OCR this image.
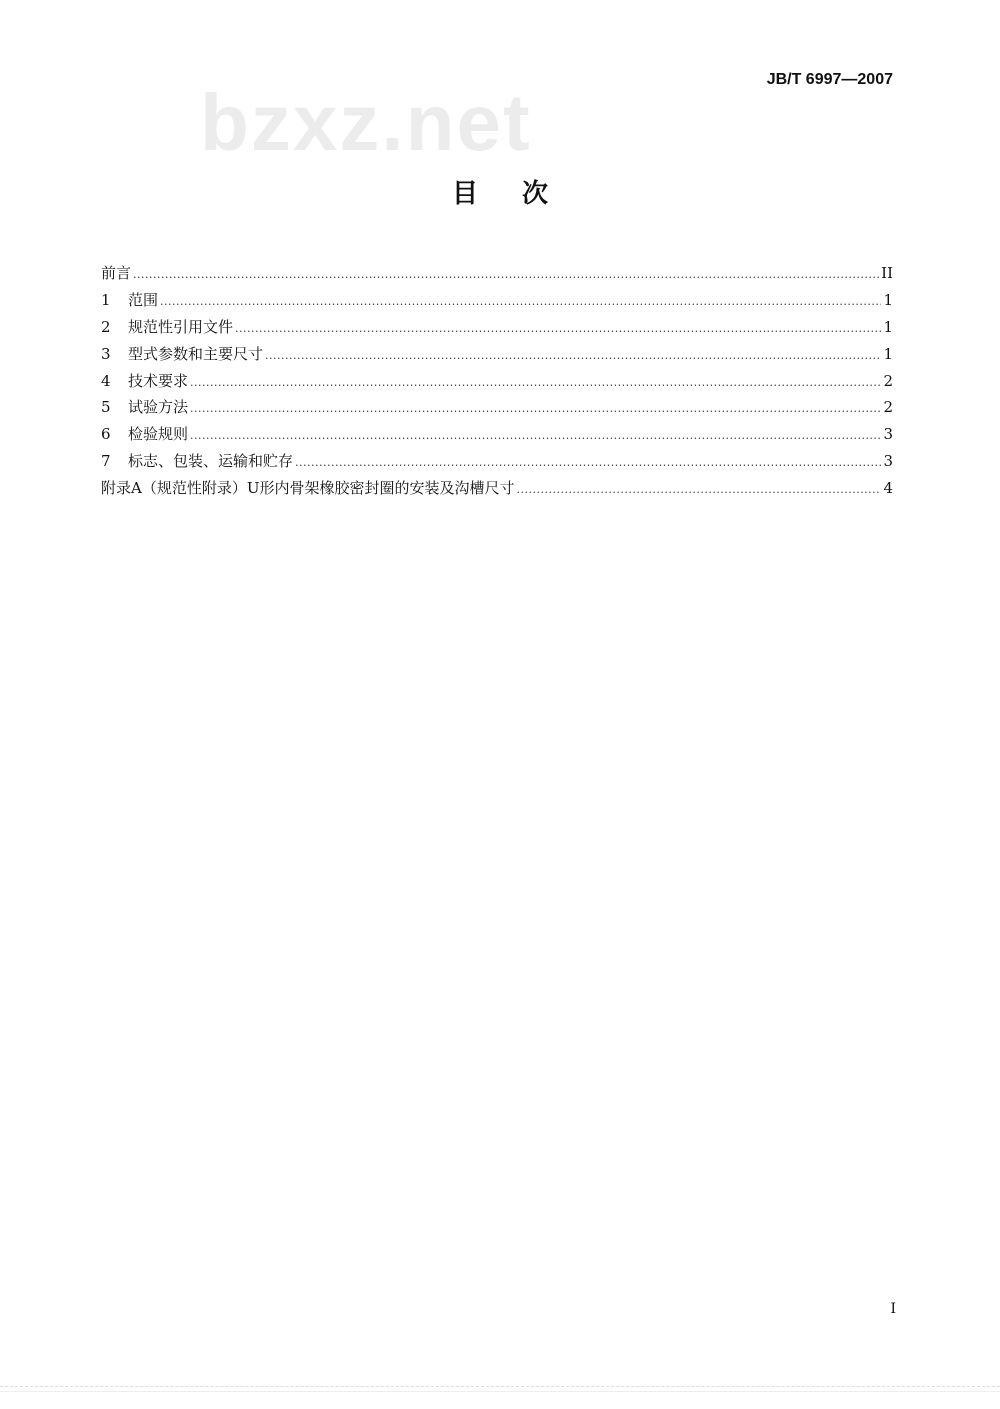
bzxz.net	JB/T 6997—2007
目 次
前言 .....	II
1	范围 .....	1
2	规范性引用文件 .....	1
3	型式参数和主要尺寸 .....	1
4	技术要求 .....	2
5	试验方法 .....	2
6	检验规则 .....	3
7	标志、包装、运输和贮存 .....	3
附录A（规范性附录）U形内骨架橡胶密封圈的安装及沟槽尺寸 .....	4
I
